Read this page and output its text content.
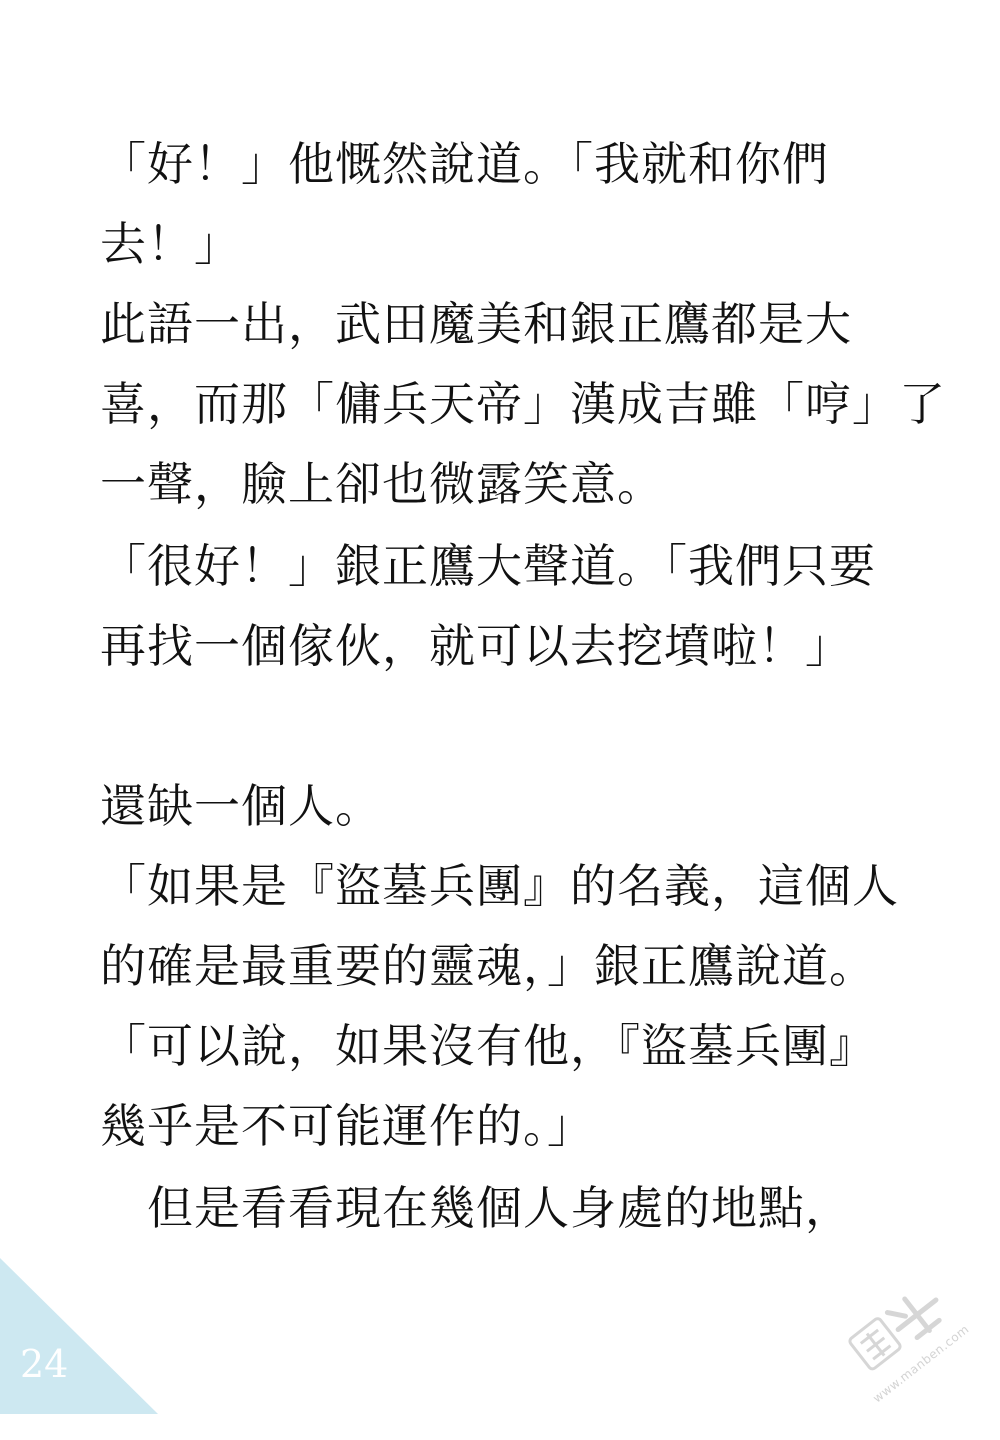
「好！」他慨然說道。「我就和你們
去！」
此語一出，武田魔美和銀正鷹都是大
喜，而那「傭兵天帝」漢成吉雖「哼」了
一聲，臉上卻也微露笑意。
「很好！」銀正鷹大聲道。「我們只要
再找一個傢伙，就可以去挖墳啦！」
還缺一個人。
「如果是『盜墓兵團』的名義，這個人
的確是最重要的靈魂，」銀正鷹說道。
「可以說，如果沒有他，『盜墓兵團』
幾乎是不可能運作的。」
　但是看看現在幾個人身處的地點，
24	www.manben.com
